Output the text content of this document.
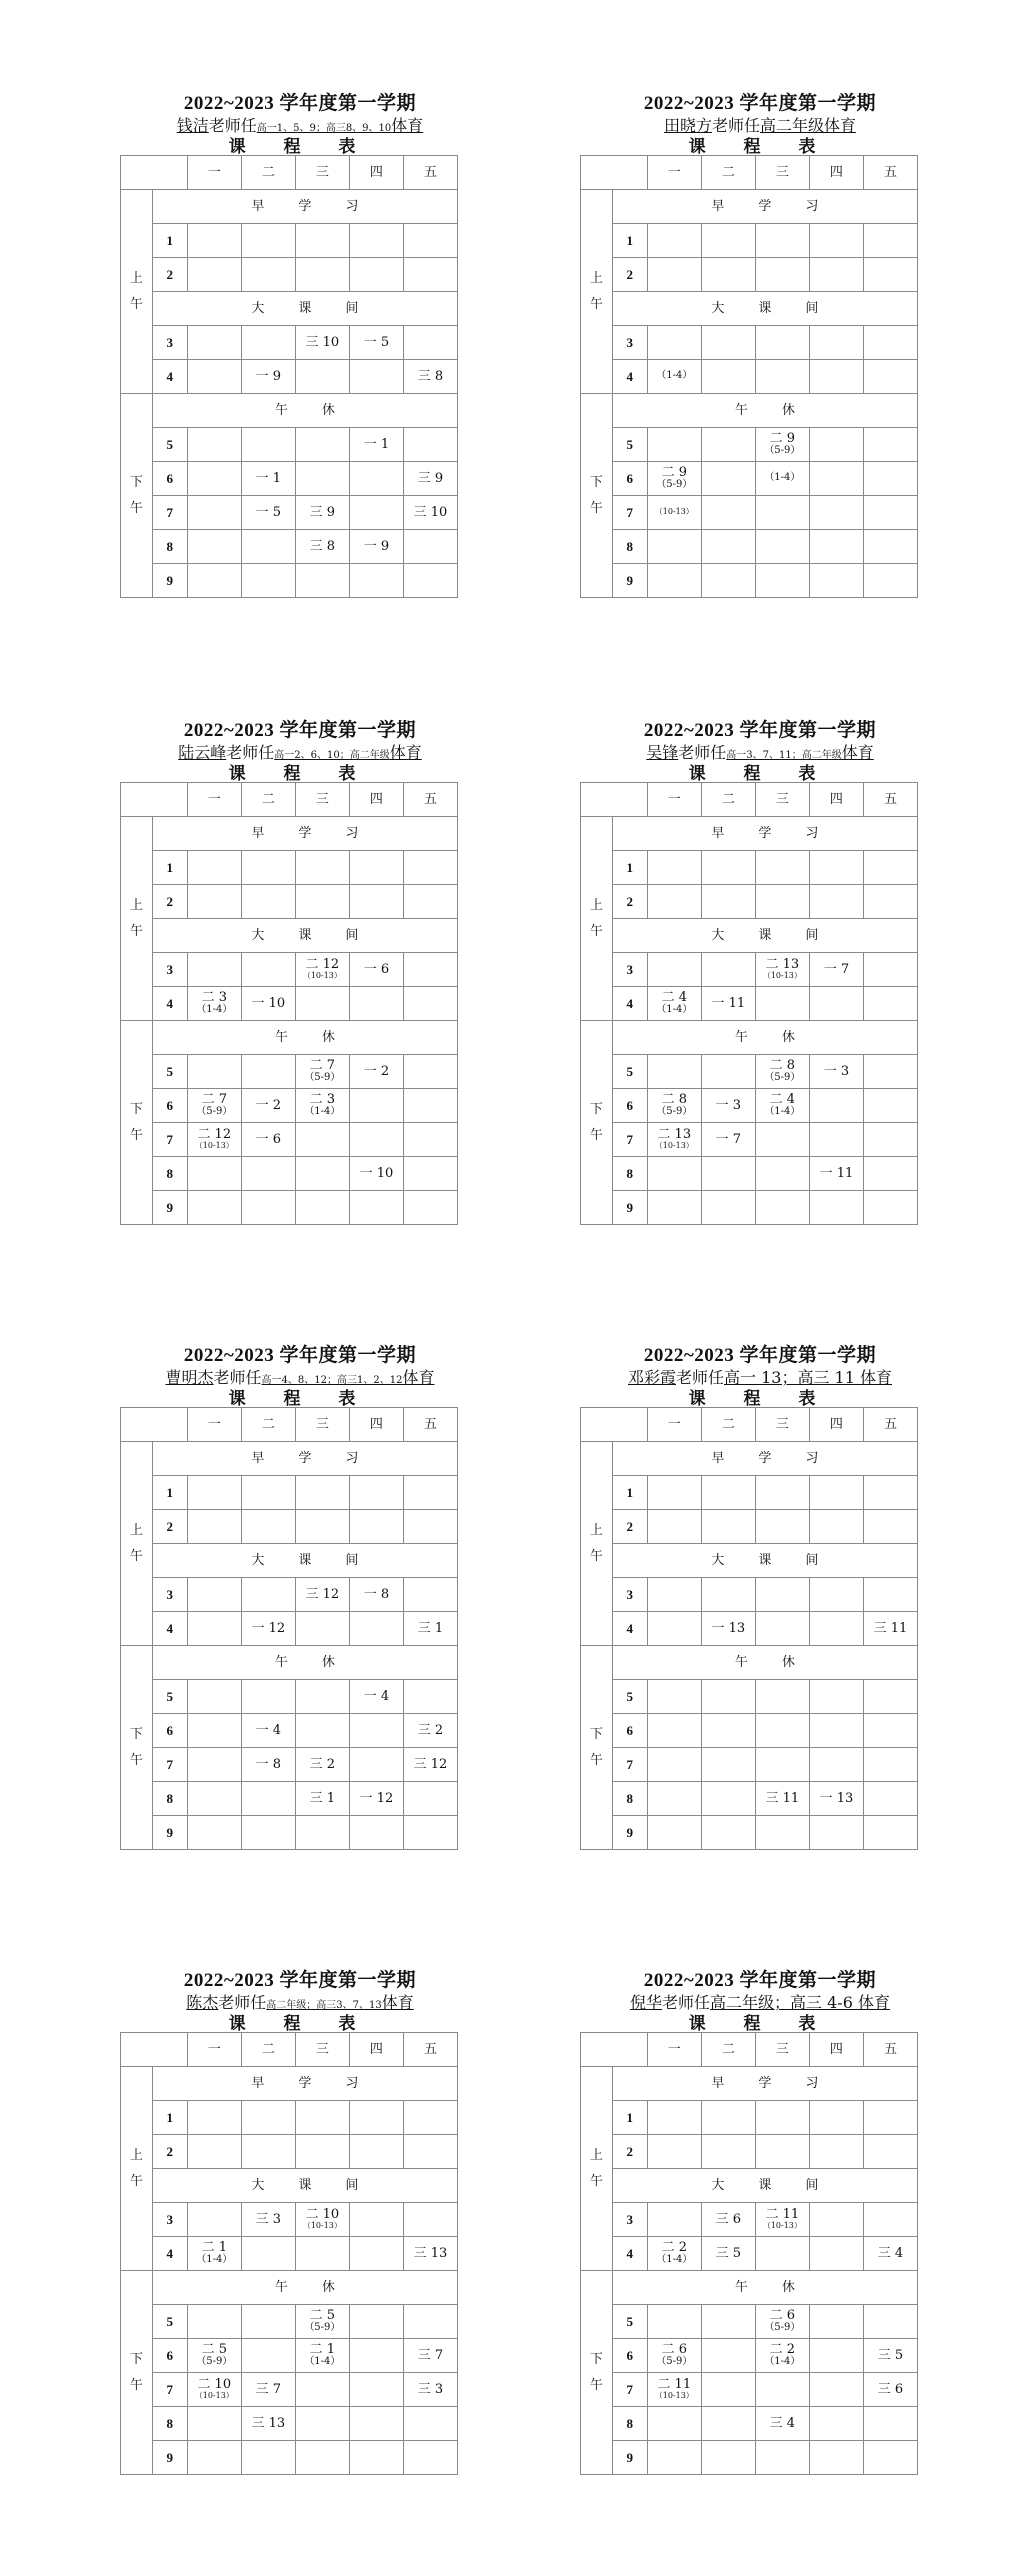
2022~2023 学年度第一学期
钱洁老师任高一1、5、9；高三8、9、10体育
课 程 表
		一	二	三	四	五

上
午	早学习					
	1					
	2					
	大课间					
	3			三 10	一 5	

	4		一 9			三 8

下
午	午休					
	5				一 1	

	6		一 1			三 9

	7		一 5	三 9		三 10

	8			三 8	一 9	

	9					
2022~2023 学年度第一学期
田晓方老师任高二年级体育
课 程 表
		一	二	三	四	五

上
午	早学习					
	1					
	2					
	大课间					
	3					
	4	（1-4）				

下
午	午休					
	5			二 9
（5-9）		

	6	二 9
（5-9）		（1-4）		

	7	（10-13）				

	8					
	9					
2022~2023 学年度第一学期
陆云峰老师任高一2、6、10；高二年级体育
课 程 表
		一	二	三	四	五

上
午	早学习					
	1					
	2					
	大课间					
	3			二 12
（10-13）	一 6	

	4	二 3
（1-4）	一 10			

下
午	午休					
	5			二 7
（5-9）	一 2	

	6	二 7
（5-9）	一 2	二 3
（1-4）		

	7	二 12
（10-13）	一 6			

	8				一 10	

	9					
2022~2023 学年度第一学期
吴锋老师任高一3、7、11；高二年级体育
课 程 表
		一	二	三	四	五

上
午	早学习					
	1					
	2					
	大课间					
	3			二 13
（10-13）	一 7	

	4	二 4
（1-4）	一 11			

下
午	午休					
	5			二 8
（5-9）	一 3	

	6	二 8
（5-9）	一 3	二 4
（1-4）		

	7	二 13
（10-13）	一 7			

	8				一 11	

	9					
2022~2023 学年度第一学期
曹明杰老师任高一4、8、12；高三1、2、12体育
课 程 表
		一	二	三	四	五

上
午	早学习					
	1					
	2					
	大课间					
	3			三 12	一 8	

	4		一 12			三 1

下
午	午休					
	5				一 4	

	6		一 4			三 2

	7		一 8	三 2		三 12

	8			三 1	一 12	

	9					
2022~2023 学年度第一学期
邓彩霞老师任高一 13；高三 11 体育
课 程 表
		一	二	三	四	五

上
午	早学习					
	1					
	2					
	大课间					
	3					
	4		一 13			三 11

下
午	午休					
	5					
	6					
	7					
	8			三 11	一 13	

	9					
2022~2023 学年度第一学期
陈杰老师任高二年级；高三3、7、13体育
课 程 表
		一	二	三	四	五

上
午	早学习					
	1					
	2					
	大课间					
	3		三 3	二 10
（10-13）		

	4	二 1
（1-4）				三 13

下
午	午休					
	5			二 5
（5-9）		

	6	二 5
（5-9）		二 1
（1-4）		三 7

	7	二 10
（10-13）	三 7			三 3

	8		三 13			

	9					
2022~2023 学年度第一学期
倪华老师任高二年级；高三 4-6 体育
课 程 表
		一	二	三	四	五

上
午	早学习					
	1					
	2					
	大课间					
	3		三 6	二 11
（10-13）		

	4	二 2
（1-4）	三 5			三 4

下
午	午休					
	5			二 6
（5-9）		

	6	二 6
（5-9）		二 2
（1-4）		三 5

	7	二 11
（10-13）				三 6

	8			三 4		

	9					
